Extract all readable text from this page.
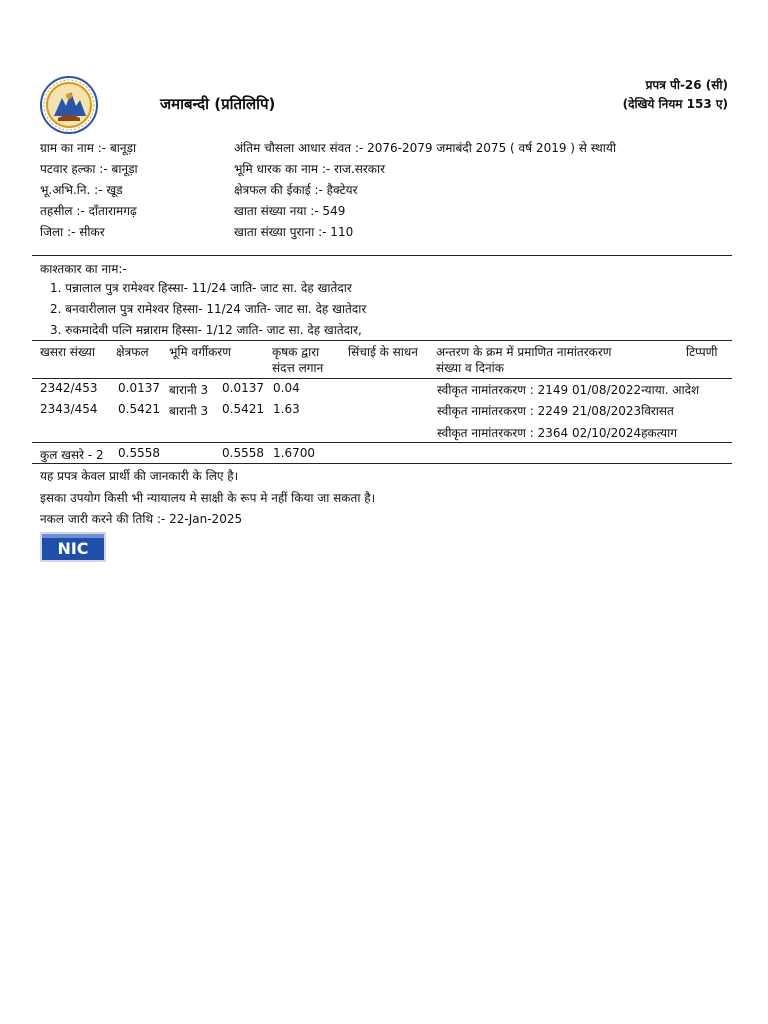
जमाबन्दी (प्रतिलिपि)
प्रपत्र पी-26 (सी)
(देखिये नियम 153 ए)
ग्राम का नाम :- बानूड़ा
पटवार हल्का :- बानूड़ा
भू.अभि.नि. :- खूड
तहसील :- दाँतारामगढ़
जिला :- सीकर
अंतिम चौसला आधार संवत :- 2076-2079 जमाबंदी 2075 ( वर्ष 2019 ) से स्थायी
भूमि धारक का नाम :- राज.सरकार
क्षेत्रफल की ईकाई :- हैक्टेयर
खाता संख्या नया :- 549
खाता संख्या पुराना :- 110
काश्तकार का नाम:-
1. पन्नालाल पुत्र रामेश्वर हिस्सा- 11/24 जाति- जाट सा. देह खातेदार
2. बनवारीलाल पुत्र रामेश्वर हिस्सा- 11/24 जाति- जाट सा. देह खातेदार
3. रुकमादेवी पत्नि मन्नाराम हिस्सा- 1/12 जाति- जाट सा. देह खातेदार,
खसरा संख्या क्षेत्रफल भूमि वर्गीकरण	कृषक द्वारा
संदत्त लगान
सिंचाई के साधन अन्तरण के क्रम में प्रमाणित नामांतरकरण
संख्या व दिनांक
टिप्पणी
2342/453 0.0137 बारानी 3 0.0137 0.04
2343/454 0.5421 बारानी 3 0.5421 1.63
स्वीकृत नामांतरकरण : 2149 01/08/2022न्याया. आदेश
स्वीकृत नामांतरकरण : 2249 21/08/2023विरासत
स्वीकृत नामांतरकरण : 2364 02/10/2024हकत्याग
कुल खसरे - 2 0.5558	0.5558 1.6700
यह प्रपत्र केवल प्रार्थी की जानकारी के लिए है।
इसका उपयोग किसी भी न्यायालय मे साक्षी के रूप मे नहीं किया जा सकता है।
नकल जारी करने की तिथि :- 22-Jan-2025
NIC
